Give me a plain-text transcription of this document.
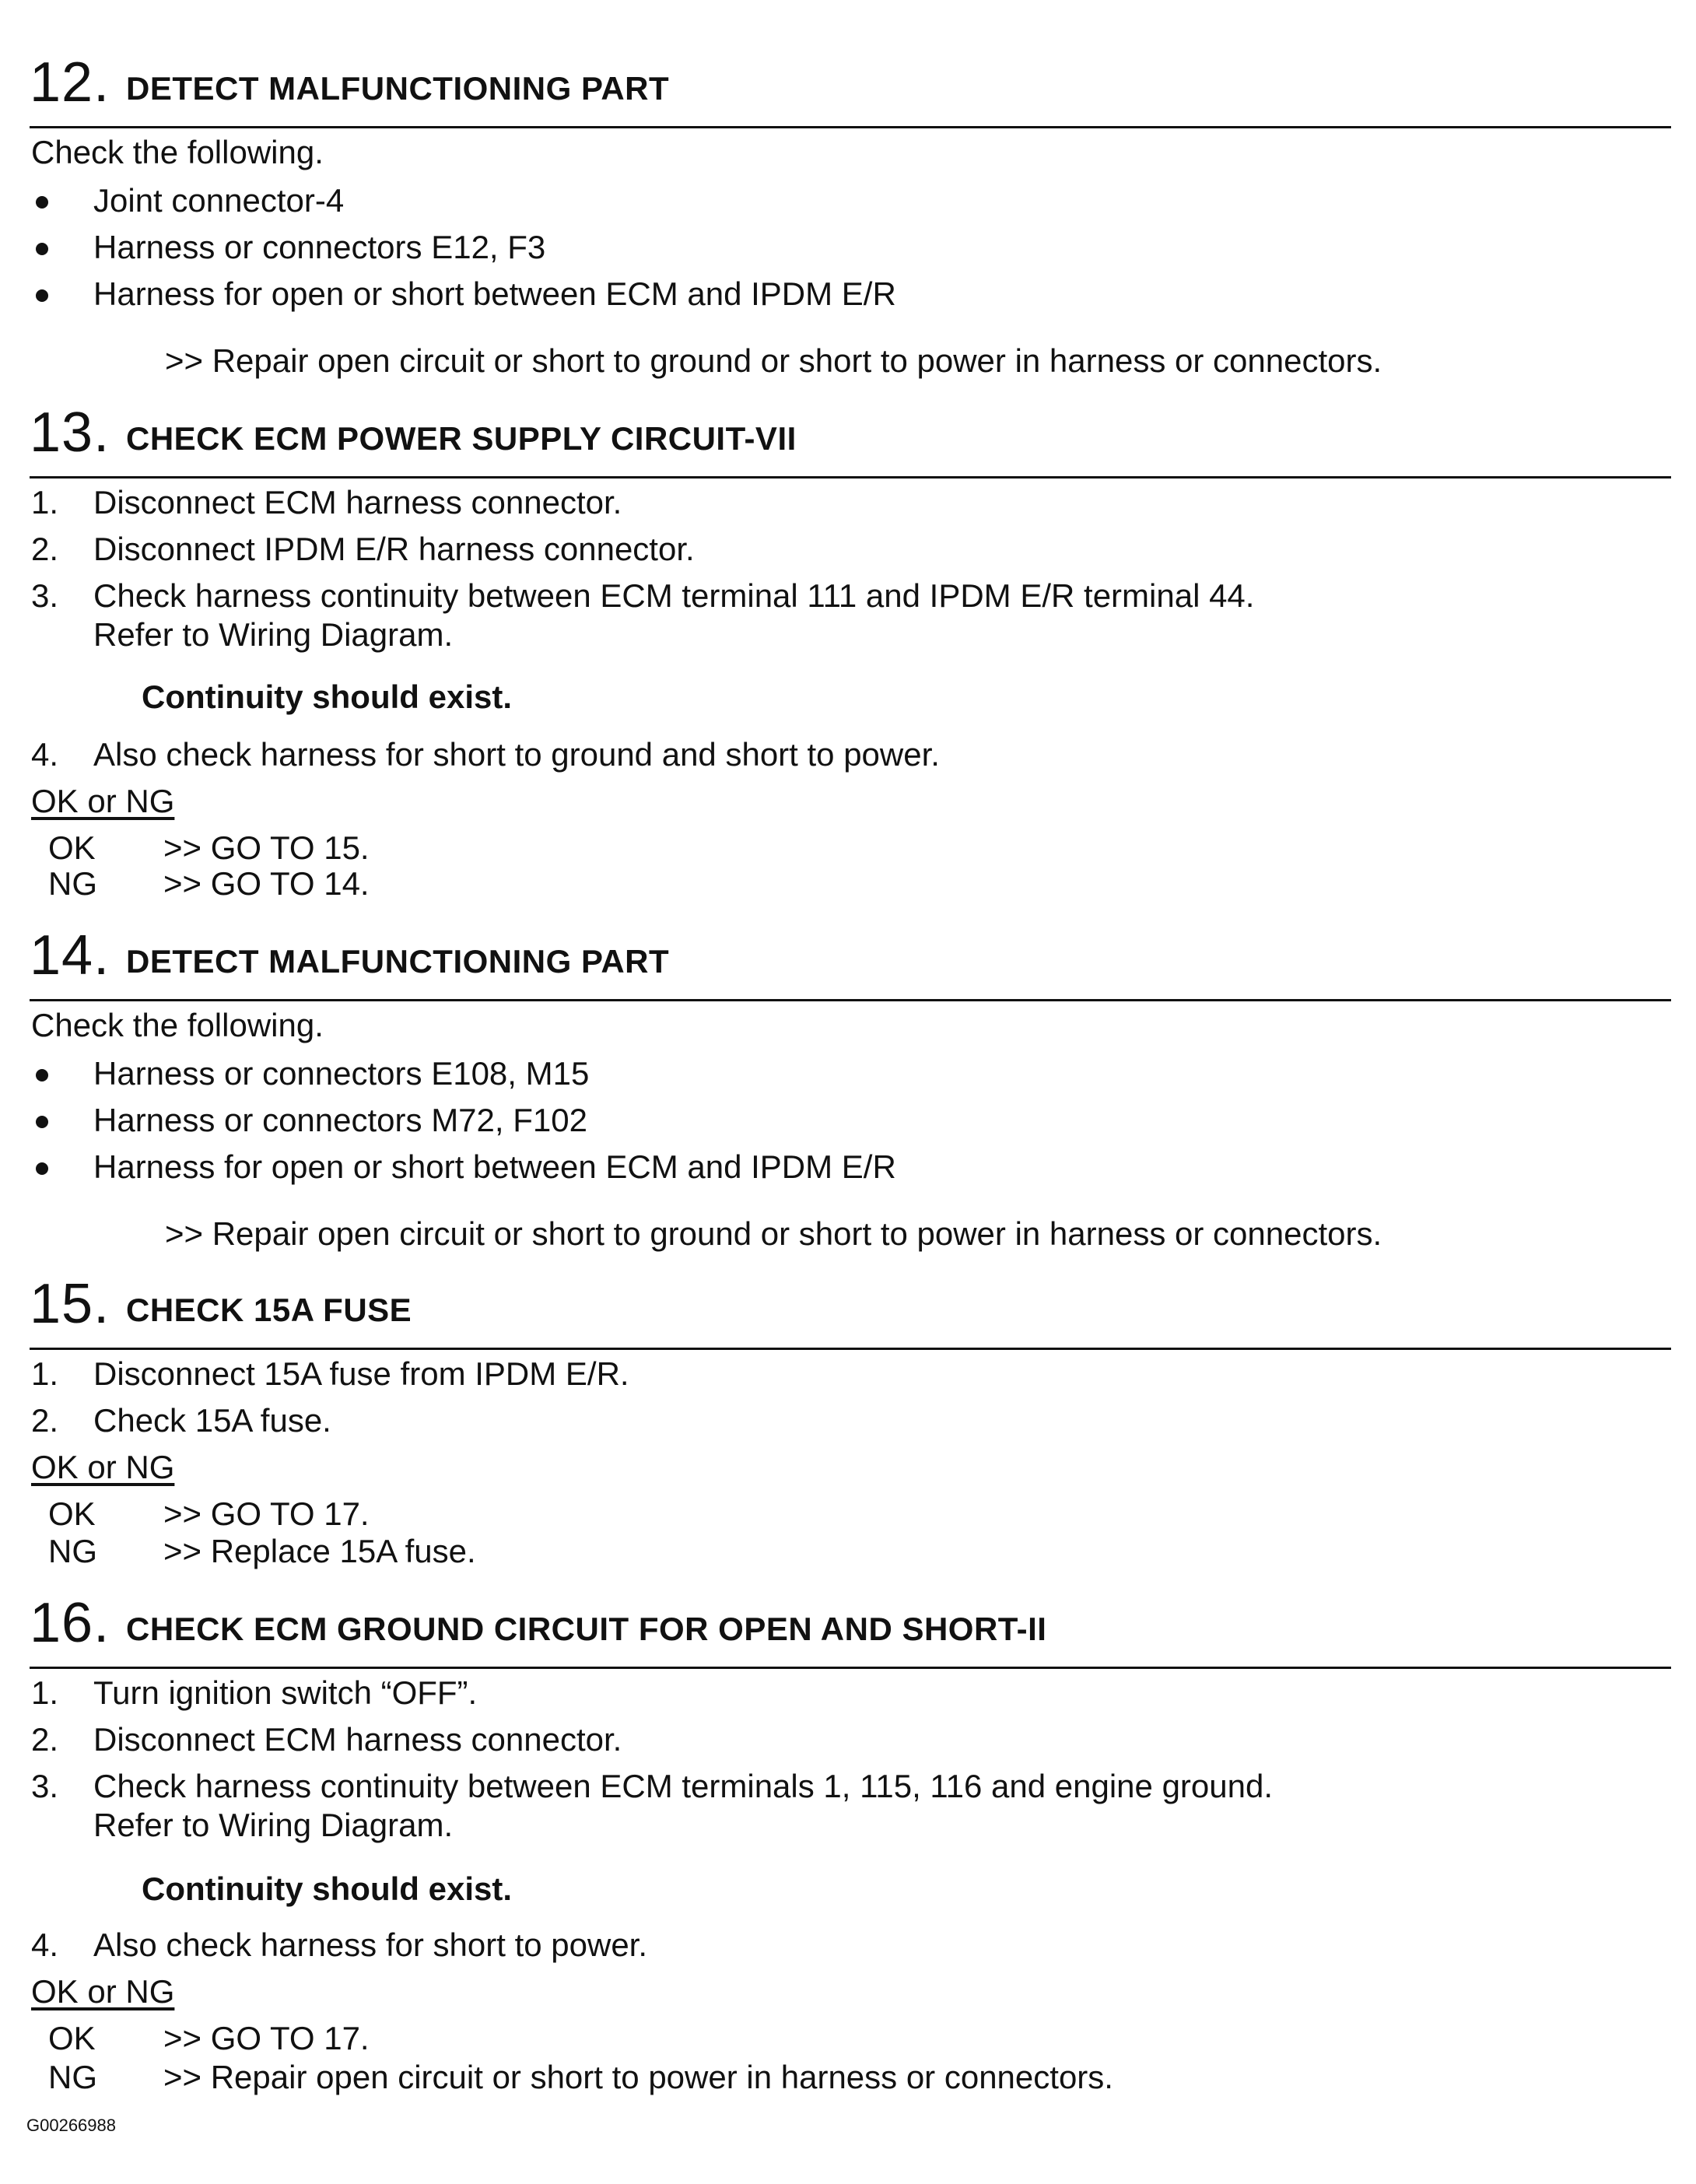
12. DETECT MALFUNCTIONING PART
Check the following.
Joint connector-4
Harness or connectors E12, F3
Harness for open or short between ECM and IPDM E/R
>> Repair open circuit or short to ground or short to power in harness or connectors.
13. CHECK ECM POWER SUPPLY CIRCUIT-VII
1. Disconnect ECM harness connector.
2. Disconnect IPDM E/R harness connector.
3. Check harness continuity between ECM terminal 111 and IPDM E/R terminal 44.
Refer to Wiring Diagram.
Continuity should exist.
4. Also check harness for short to ground and short to power.
OK or NG
OK >> GO TO 15.
NG >> GO TO 14.
14. DETECT MALFUNCTIONING PART
Check the following.
Harness or connectors E108, M15
Harness or connectors M72, F102
Harness for open or short between ECM and IPDM E/R
>> Repair open circuit or short to ground or short to power in harness or connectors.
15. CHECK 15A FUSE
1. Disconnect 15A fuse from IPDM E/R.
2. Check 15A fuse.
OK or NG
OK >> GO TO 17.
NG >> Replace 15A fuse.
16. CHECK ECM GROUND CIRCUIT FOR OPEN AND SHORT-II
1. Turn ignition switch “OFF”.
2. Disconnect ECM harness connector.
3. Check harness continuity between ECM terminals 1, 115, 116 and engine ground.
Refer to Wiring Diagram.
Continuity should exist.
4. Also check harness for short to power.
OK or NG
OK >> GO TO 17.
NG >> Repair open circuit or short to power in harness or connectors.
G00266988
